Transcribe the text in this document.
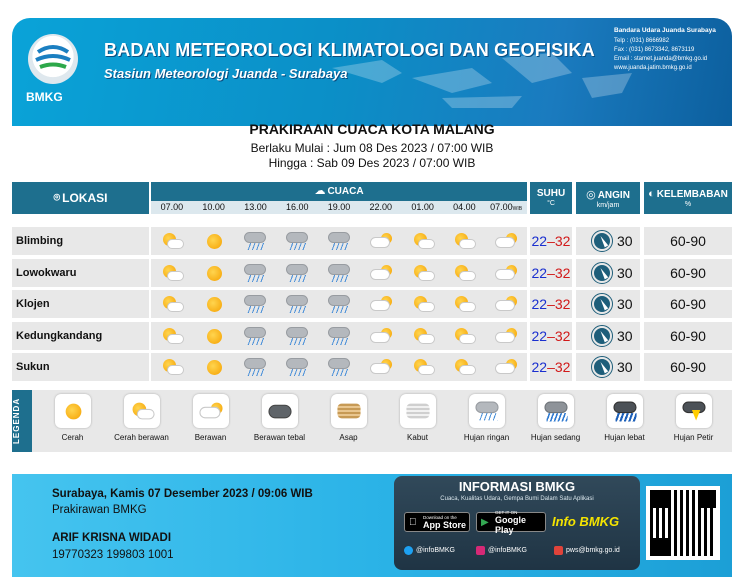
BMKG
BADAN METEOROLOGI KLIMATOLOGI DAN GEOFISIKA
Stasiun Meteorologi Juanda - Surabaya
Bandara Udara Juanda Surabaya
Telp : (031) 8666982
Fax : (031) 8673342, 8673119
Email : stamet.juanda@bmkg.go.id
www.juanda.jatim.bmkg.go.id
PRAKIRAAN CUACA KOTA MALANG
Berlaku Mulai : Jum 08 Des 2023 / 07:00 WIB
Hingga : Sab 09 Des 2023 / 07:00 WIB
⌾ LOKASI	☁ CUACA
07.00	10.00	13.00	16.00	19.00	22.00	01.00	04.00	07.00WIB
SUHU
°C
◎ ANGIN
km/jam
◐ KELEMBABAN
%
Blimbing	22–32	30	60-90
Lowokwaru	22–32	30	60-90
Klojen	22–32	30	60-90
Kedungkandang	22–32	30	60-90
Sukun	22–32	30	60-90
LEGENDA	Cerah	Cerah berawan	Berawan	Berawan tebal	Asap	Kabut	Hujan ringan	Hujan sedang	Hujan lebat	Hujan Petir
Surabaya, Kamis 07 Desember 2023 / 09:06 WIB
Prakirawan BMKG
ARIF KRISNA WIDADI
19770323 199803 1001
INFORMASI BMKG
Cuaca, Kualitas Udara, Gempa Bumi Dalam Satu Aplikasi
Download on the
App Store ▶
GET IT ON
Google Play
Info BMKG
@infoBMKG	@infoBMKG	pws@bmkg.go.id
